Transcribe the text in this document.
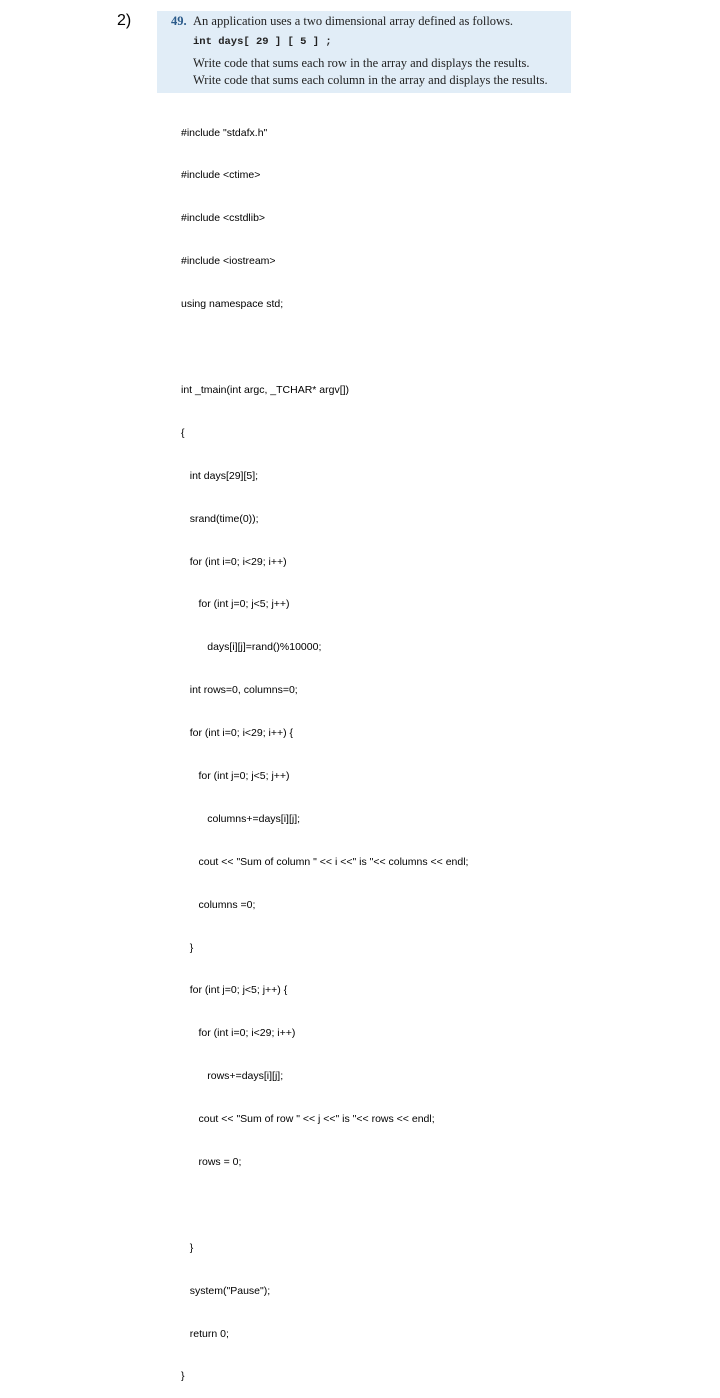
2)	49. An application uses a two dimensional array defined as follows.
int days[ 29 ] [ 5 ] ;
Write code that sums each row in the array and displays the results.
Write code that sums each column in the array and displays the results.

#include "stdafx.h"

#include <ctime>

#include <cstdlib>

#include <iostream>

using namespace std;

int _tmain(int argc, _TCHAR* argv[])

{

int days[29][5];

srand(time(0));

for (int i=0; i<29; i++)

for (int j=0; j<5; j++)

days[i][j]=rand()%10000;

int rows=0, columns=0;

for (int i=0; i<29; i++) {

for (int j=0; j<5; j++)

columns+=days[i][j];

cout << "Sum of column " << i <<" is "<< columns << endl;

columns =0;

}

for (int j=0; j<5; j++) {

for (int i=0; i<29; i++)

rows+=days[i][j];

cout << "Sum of row " << j <<" is "<< rows << endl;

rows = 0;

}

system("Pause");

return 0;

}
